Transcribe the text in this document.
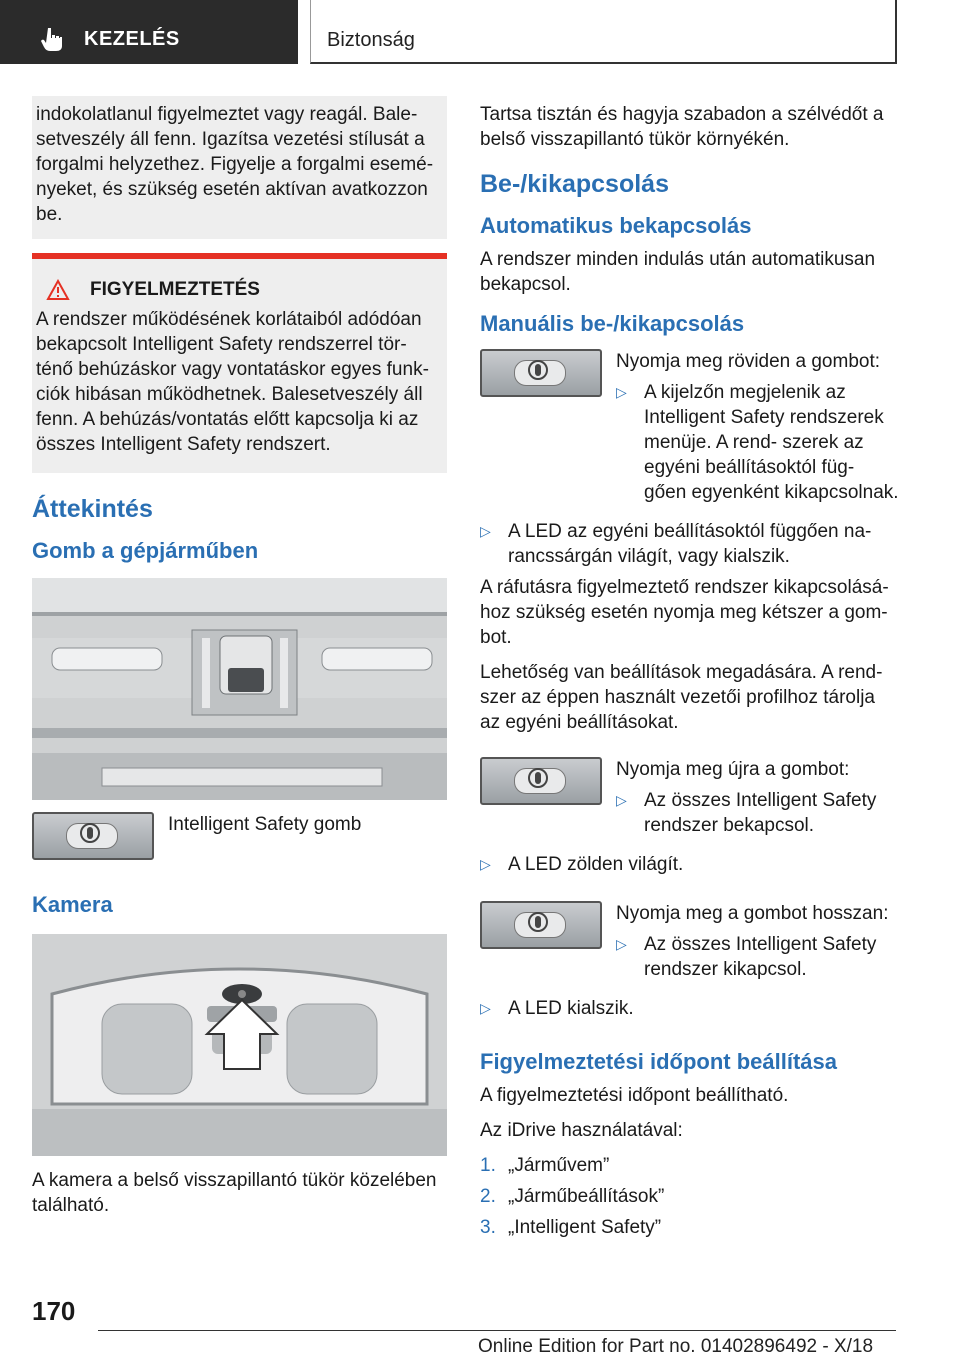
KEZELÉS	Biztonság

indokolatlanul figyelmeztet vagy reagál. Bale- setveszély áll fenn. Igazítsa vezetési stílusát a forgalmi helyzethez. Figyelje a forgalmi esemé- nyeket, és szükség esetén aktívan avatkozzon be.

FIGYELMEZTETÉS

A rendszer működésének korlátaiból adódóan bekapcsolt Intelligent Safety rendszerrel tör- ténő behúzáskor vagy vontatáskor egyes funk- ciók hibásan működhetnek. Balesetveszély áll fenn. A behúzás/vontatás előtt kapcsolja ki az összes Intelligent Safety rendszert.

Áttekintés
Gomb a gépjárműben
Intelligent Safety gomb
Kamera

A kamera a belső visszapillantó tükör közelében található.

Tartsa tisztán és hagyja szabadon a szélvédőt a belső visszapillantó tükör környékén.

Be-/kikapcsolás
Automatikus bekapcsolás

A rendszer minden indulás után automatikusan bekapcsol.

Manuális be-/kikapcsolás
Nyomja meg röviden a gombot:
▷ A kijelzőn megjelenik az Intelligent Safety rendszerek menüje. A rend- szerek az egyéni beállításoktól füg- gően egyenként kikapcsolnak.
▷ A LED az egyéni beállításoktól függően na- rancssárgán világít, vagy kialszik.

A ráfutásra figyelmeztető rendszer kikapcsolásá- hoz szükség esetén nyomja meg kétszer a gom- bot.

Lehetőség van beállítások megadására. A rend- szer az éppen használt vezetői profilhoz tárolja az egyéni beállításokat.

Nyomja meg újra a gombot:
▷ Az összes Intelligent Safety rendszer bekapcsol.
▷ A LED zölden világít.
Nyomja meg a gombot hosszan:
▷ Az összes Intelligent Safety rendszer kikapcsol.
▷ A LED kialszik.
Figyelmeztetési időpont beállítása

A figyelmeztetési időpont beállítható.

Az iDrive használatával:

1. „Járművem”
2. „Járműbeállítások”
3. „Intelligent Safety”
170
Online Edition for Part no. 01402896492 - X/18
